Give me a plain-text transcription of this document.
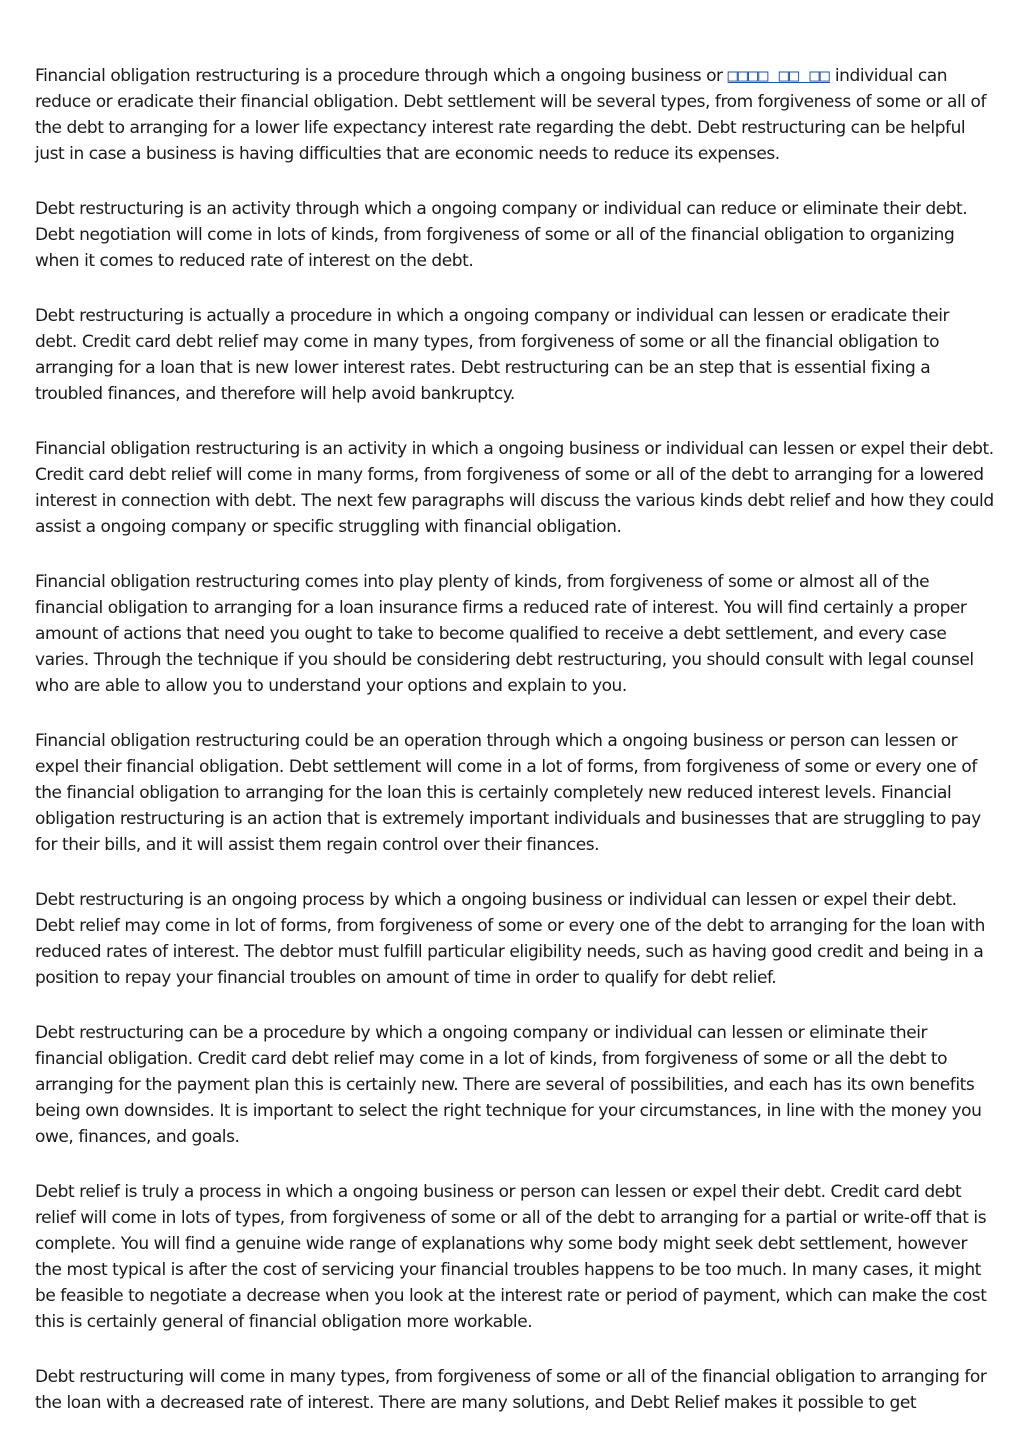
Financial obligation restructuring is a procedure through which a ongoing business or □□□□ □□ □□ individual can reduce or eradicate their financial obligation. Debt settlement will be several types, from forgiveness of some or all of the debt to arranging for a lower life expectancy interest rate regarding the debt. Debt restructuring can be helpful just in case a business is having difficulties that are economic needs to reduce its expenses.

Debt restructuring is an activity through which a ongoing company or individual can reduce or eliminate their debt. Debt negotiation will come in lots of kinds, from forgiveness of some or all of the financial obligation to organizing when it comes to reduced rate of interest on the debt.

Debt restructuring is actually a procedure in which a ongoing company or individual can lessen or eradicate their debt. Credit card debt relief may come in many types, from forgiveness of some or all the financial obligation to arranging for a loan that is new lower interest rates. Debt restructuring can be an step that is essential fixing a troubled finances, and therefore will help avoid bankruptcy.

Financial obligation restructuring is an activity in which a ongoing business or individual can lessen or expel their debt. Credit card debt relief will come in many forms, from forgiveness of some or all of the debt to arranging for a lowered interest in connection with debt. The next few paragraphs will discuss the various kinds debt relief and how they could assist a ongoing company or specific struggling with financial obligation.

Financial obligation restructuring comes into play plenty of kinds, from forgiveness of some or almost all of the financial obligation to arranging for a loan insurance firms a reduced rate of interest. You will find certainly a proper amount of actions that need you ought to take to become qualified to receive a debt settlement, and every case varies. Through the technique if you should be considering debt restructuring, you should consult with legal counsel who are able to allow you to understand your options and explain to you.

Financial obligation restructuring could be an operation through which a ongoing business or person can lessen or expel their financial obligation. Debt settlement will come in a lot of forms, from forgiveness of some or every one of the financial obligation to arranging for the loan this is certainly completely new reduced interest levels. Financial obligation restructuring is an action that is extremely important individuals and businesses that are struggling to pay for their bills, and it will assist them regain control over their finances.

Debt restructuring is an ongoing process by which a ongoing business or individual can lessen or expel their debt. Debt relief may come in lot of forms, from forgiveness of some or every one of the debt to arranging for the loan with reduced rates of interest. The debtor must fulfill particular eligibility needs, such as having good credit and being in a position to repay your financial troubles on amount of time in order to qualify for debt relief.

Debt restructuring can be a procedure by which a ongoing company or individual can lessen or eliminate their financial obligation. Credit card debt relief may come in a lot of kinds, from forgiveness of some or all the debt to arranging for the payment plan this is certainly new. There are several of possibilities, and each has its own benefits being own downsides. It is important to select the right technique for your circumstances, in line with the money you owe, finances, and goals.

Debt relief is truly a process in which a ongoing business or person can lessen or expel their debt. Credit card debt relief will come in lots of types, from forgiveness of some or all of the debt to arranging for a partial or write-off that is complete. You will find a genuine wide range of explanations why some body might seek debt settlement, however the most typical is after the cost of servicing your financial troubles happens to be too much. In many cases, it might be feasible to negotiate a decrease when you look at the interest rate or period of payment, which can make the cost this is certainly general of financial obligation more workable.

Debt restructuring will come in many types, from forgiveness of some or all of the financial obligation to arranging for the loan with a decreased rate of interest. There are many solutions, and Debt Relief makes it possible to get
